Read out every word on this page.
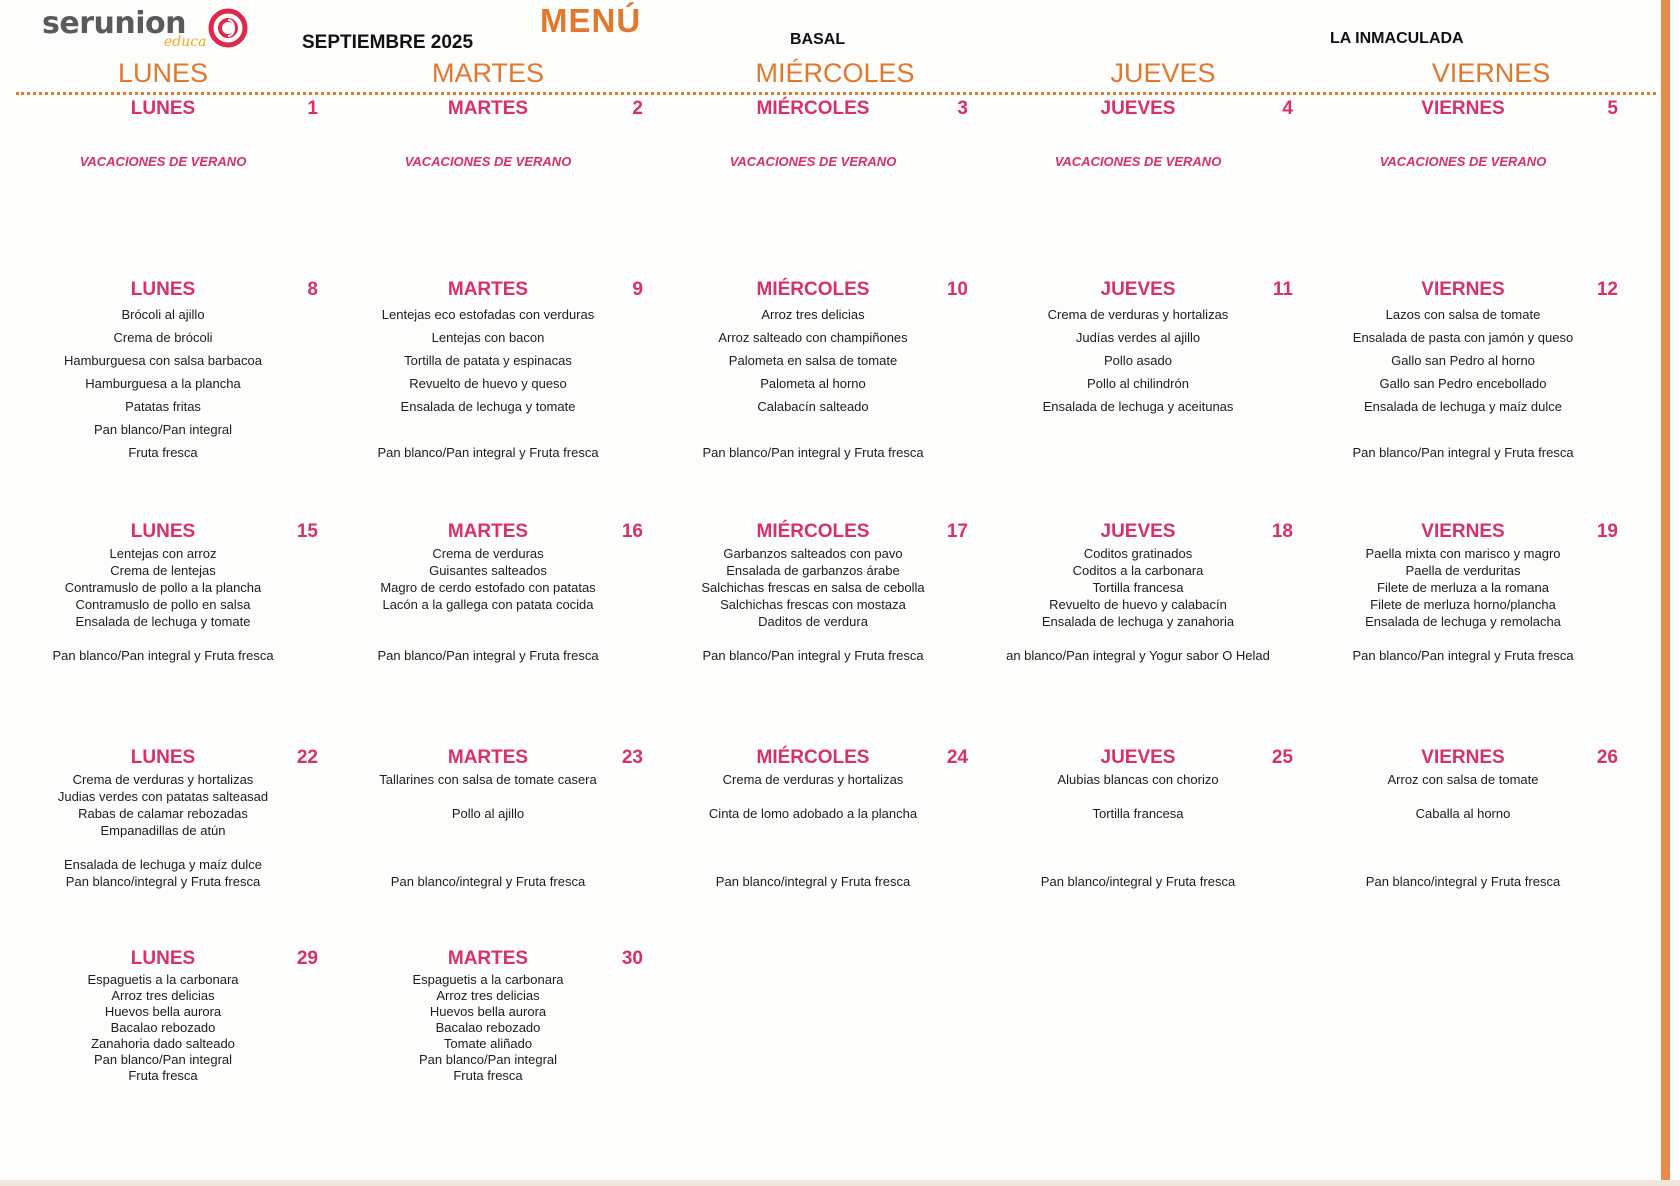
serunion
educa	SEPTIEMBRE 2025
MENÚ
BASAL	LA INMACULADA
LUNES	MARTES	MIÉRCOLES	JUEVES	VIERNES
LUNES	1
VACACIONES DE VERANO
MARTES	2
VACACIONES DE VERANO
MIÉRCOLES	3
VACACIONES DE VERANO
JUEVES	4
VACACIONES DE VERANO
VIERNES	5
VACACIONES DE VERANO
LUNES	8
Brócoli al ajillo
Crema de brócoli
Hamburguesa con salsa barbacoa
Hamburguesa a la plancha
Patatas fritas
Pan blanco/Pan integral
Fruta fresca
MARTES	9
Lentejas eco estofadas con verduras
Lentejas con bacon
Tortilla de patata y espinacas
Revuelto de huevo y queso
Ensalada de lechuga y tomate
Pan blanco/Pan integral y Fruta fresca
MIÉRCOLES	10
Arroz tres delicias
Arroz salteado con champiñones
Palometa en salsa de tomate
Palometa al horno
Calabacín salteado
Pan blanco/Pan integral y Fruta fresca
JUEVES	11
Crema de verduras y hortalizas
Judías verdes al ajillo
Pollo asado
Pollo al chilindrón
Ensalada de lechuga y aceitunas
VIERNES	12
Lazos con salsa de tomate
Ensalada de pasta con jamón y queso
Gallo san Pedro al horno
Gallo san Pedro encebollado
Ensalada de lechuga y maíz dulce
Pan blanco/Pan integral y Fruta fresca
LUNES	15
Lentejas con arroz
Crema de lentejas
Contramuslo de pollo a la plancha
Contramuslo de pollo en salsa
Ensalada de lechuga y tomate
Pan blanco/Pan integral y Fruta fresca
MARTES	16
Crema de verduras
Guisantes salteados
Magro de cerdo estofado con patatas
Lacón a la gallega con patata cocida
Pan blanco/Pan integral y Fruta fresca
MIÉRCOLES	17
Garbanzos salteados con pavo
Ensalada de garbanzos árabe
Salchichas frescas en salsa de cebolla
Salchichas frescas con mostaza
Daditos de verdura
Pan blanco/Pan integral y Fruta fresca
JUEVES	18
Coditos gratinados
Coditos a la carbonara
Tortilla francesa
Revuelto de huevo y calabacín
Ensalada de lechuga y zanahoria
an blanco/Pan integral y Yogur sabor O Helad
VIERNES	19
Paella mixta con marisco y magro
Paella de verduritas
Filete de merluza a la romana
Filete de merluza horno/plancha
Ensalada de lechuga y remolacha
Pan blanco/Pan integral y Fruta fresca
LUNES	22
Crema de verduras y hortalizas
Judias verdes con patatas salteasad
Rabas de calamar rebozadas
Empanadillas de atún
Ensalada de lechuga y maíz dulce
Pan blanco/integral y Fruta fresca
MARTES	23
Tallarines con salsa de tomate casera
Pollo al ajillo
Pan blanco/integral y Fruta fresca
MIÉRCOLES	24
Crema de verduras y hortalizas
Cinta de lomo adobado a la plancha
Pan blanco/integral y Fruta fresca
JUEVES	25
Alubias blancas con chorizo
Tortilla francesa
Pan blanco/integral y Fruta fresca
VIERNES	26
Arroz con salsa de tomate
Caballa al horno
Pan blanco/integral y Fruta fresca
LUNES	29
Espaguetis a la carbonara
Arroz tres delicias
Huevos bella aurora
Bacalao rebozado
Zanahoria dado salteado
Pan blanco/Pan integral
Fruta fresca
MARTES	30
Espaguetis a la carbonara
Arroz tres delicias
Huevos bella aurora
Bacalao rebozado
Tomate aliñado
Pan blanco/Pan integral
Fruta fresca
